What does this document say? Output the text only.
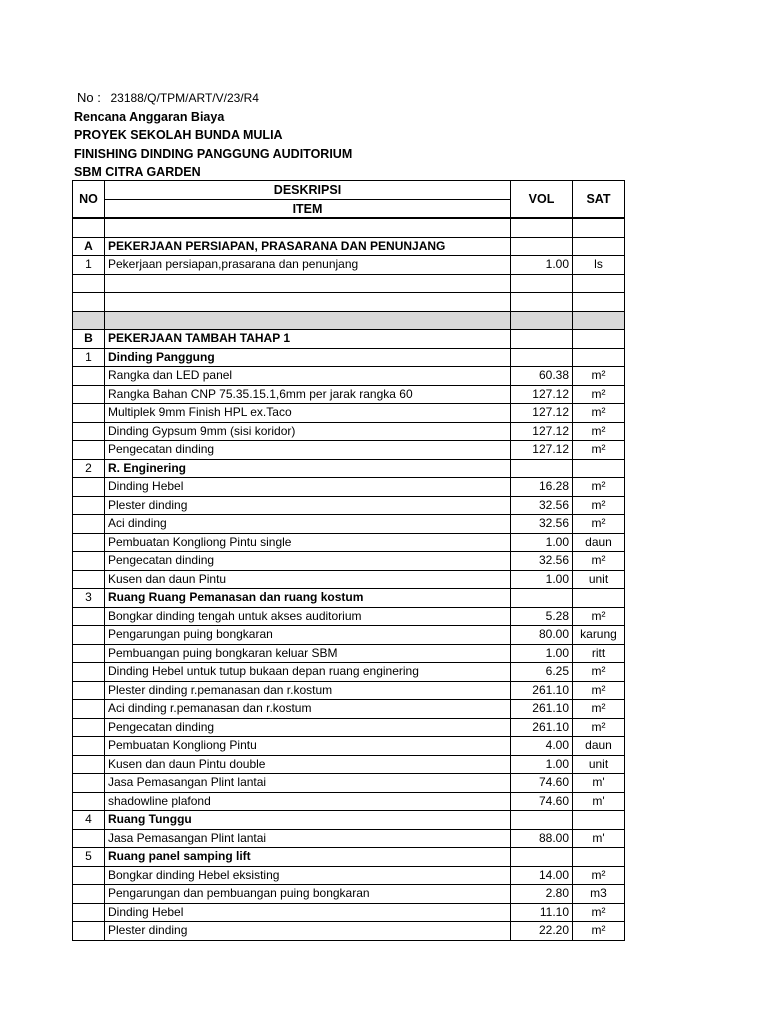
No : 23188/Q/TPM/ART/V/23/R4
Rencana Anggaran Biaya
PROYEK SEKOLAH BUNDA MULIA
FINISHING DINDING PANGGUNG AUDITORIUM
SBM CITRA GARDEN
NO	DESKRIPSI	VOL	SAT
	ITEM		

A	PEKERJAAN PERSIAPAN, PRASARANA DAN PENUNJANG		
1	Pekerjaan persiapan,prasarana dan penunjang	1.00	ls

B	PEKERJAAN TAMBAH TAHAP 1		
1	Dinding Panggung		
	Rangka dan LED panel	60.38	m²
	Rangka Bahan CNP 75.35.15.1,6mm per jarak rangka 60	127.12	m²
	Multiplek 9mm Finish HPL ex.Taco	127.12	m²
	Dinding Gypsum 9mm (sisi koridor)	127.12	m²
	Pengecatan dinding	127.12	m²
2	R. Enginering		
	Dinding Hebel	16.28	m²
	Plester dinding	32.56	m²
	Aci dinding	32.56	m²
	Pembuatan Kongliong Pintu single	1.00	daun
	Pengecatan dinding	32.56	m²
	Kusen dan daun Pintu	1.00	unit
3	Ruang Ruang Pemanasan dan ruang kostum		
	Bongkar dinding tengah untuk akses auditorium	5.28	m²
	Pengarungan puing bongkaran	80.00	karung
	Pembuangan puing bongkaran keluar SBM	1.00	ritt
	Dinding Hebel untuk tutup bukaan depan ruang enginering	6.25	m²
	Plester dinding r.pemanasan dan r.kostum	261.10	m²
	Aci dinding r.pemanasan dan r.kostum	261.10	m²
	Pengecatan dinding	261.10	m²
	Pembuatan Kongliong Pintu	4.00	daun
	Kusen dan daun Pintu double	1.00	unit
	Jasa Pemasangan Plint lantai	74.60	m'
	shadowline plafond	74.60	m'
4	Ruang Tunggu		
	Jasa Pemasangan Plint lantai	88.00	m'
5	Ruang panel samping lift		
	Bongkar dinding Hebel eksisting	14.00	m²
	Pengarungan dan pembuangan puing bongkaran	2.80	m3
	Dinding Hebel	11.10	m²
	Plester dinding	22.20	m²
